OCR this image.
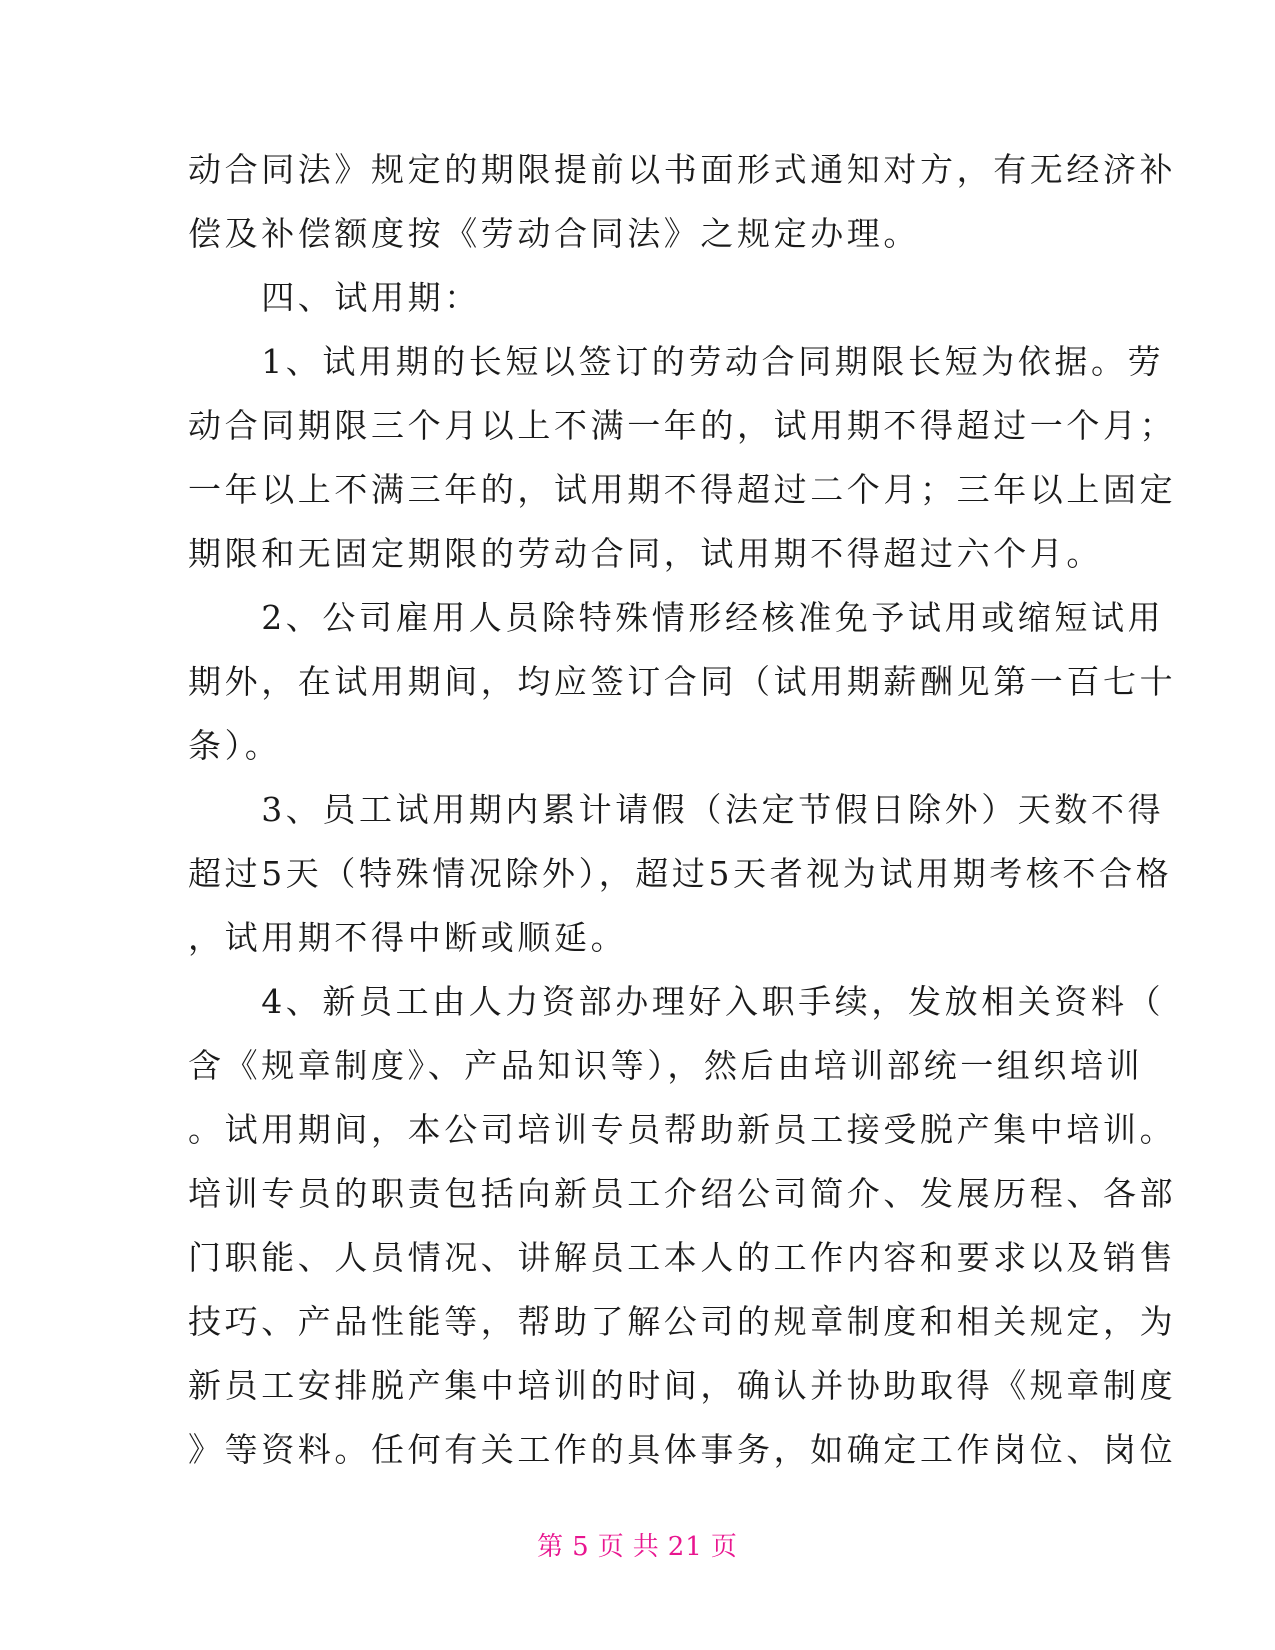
动合同法》规定的期限提前以书面形式通知对方，有无经济补
偿及补偿额度按《劳动合同法》之规定办理。
　　四、试用期：
　　1、试用期的长短以签订的劳动合同期限长短为依据。劳
动合同期限三个月以上不满一年的，试用期不得超过一个月；
一年以上不满三年的，试用期不得超过二个月；三年以上固定
期限和无固定期限的劳动合同，试用期不得超过六个月。
　　2、公司雇用人员除特殊情形经核准免予试用或缩短试用
期外，在试用期间，均应签订合同（试用期薪酬见第一百七十
条）。
　　3、员工试用期内累计请假（法定节假日除外）天数不得
超过5天（特殊情况除外），超过5天者视为试用期考核不合格
，试用期不得中断或顺延。
　　4、新员工由人力资部办理好入职手续，发放相关资料（
含《规章制度》、产品知识等），然后由培训部统一组织培训
。试用期间，本公司培训专员帮助新员工接受脱产集中培训。
培训专员的职责包括向新员工介绍公司简介、发展历程、各部
门职能、人员情况、讲解员工本人的工作内容和要求以及销售
技巧、产品性能等，帮助了解公司的规章制度和相关规定，为
新员工安排脱产集中培训的时间，确认并协助取得《规章制度
》等资料。任何有关工作的具体事务，如确定工作岗位、岗位
第 5 页 共 21 页
